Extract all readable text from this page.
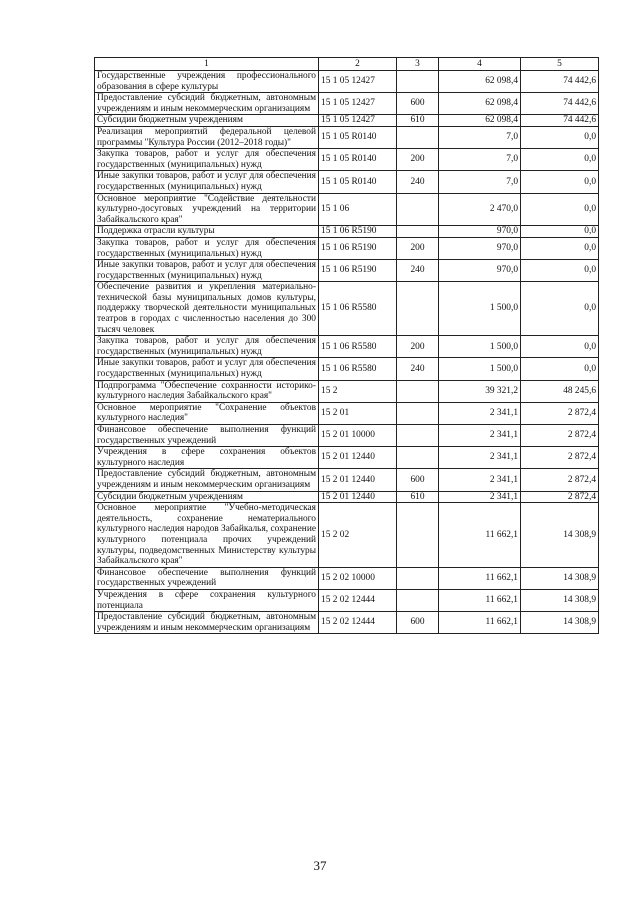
1	2	3	4	5
Государственные учреждения профессионального образования в сфере культуры	15 1 05 12427		62 098,4	74 442,6
Предоставление субсидий бюджетным, автономным учреждениям и иным некоммерческим организациям	15 1 05 12427	600	62 098,4	74 442,6
Субсидии бюджетным учреждениям	15 1 05 12427	610	62 098,4	74 442,6
Реализация мероприятий федеральной целевой программы "Культура России (2012–2018 годы)"	15 1 05 R0140		7,0	0,0
Закупка товаров, работ и услуг для обеспечения государственных (муниципальных) нужд	15 1 05 R0140	200	7,0	0,0
Иные закупки товаров, работ и услуг для обеспечения государственных (муниципальных) нужд	15 1 05 R0140	240	7,0	0,0
Основное мероприятие "Содействие деятельности культурно-досуговых учреждений на территории Забайкальского края"	15 1 06		2 470,0	0,0
Поддержка отрасли культуры	15 1 06 R5190		970,0	0,0
Закупка товаров, работ и услуг для обеспечения государственных (муниципальных) нужд	15 1 06 R5190	200	970,0	0,0
Иные закупки товаров, работ и услуг для обеспечения государственных (муниципальных) нужд	15 1 06 R5190	240	970,0	0,0
Обеспечение развития и укрепления материально-технической базы муниципальных домов культуры, поддержку творческой деятельности муниципальных театров в городах с численностью населения до 300 тысяч человек	15 1 06 R5580		1 500,0	0,0
Закупка товаров, работ и услуг для обеспечения государственных (муниципальных) нужд	15 1 06 R5580	200	1 500,0	0,0
Иные закупки товаров, работ и услуг для обеспечения государственных (муниципальных) нужд	15 1 06 R5580	240	1 500,0	0,0
Подпрограмма "Обеспечение сохранности историко-культурного наследия Забайкальского края"	15 2		39 321,2	48 245,6
Основное мероприятие "Сохранение объектов культурного наследия"	15 2 01		2 341,1	2 872,4
Финансовое обеспечение выполнения функций государственных учреждений	15 2 01 10000		2 341,1	2 872,4
Учреждения в сфере сохранения объектов культурного наследия	15 2 01 12440		2 341,1	2 872,4
Предоставление субсидий бюджетным, автономным учреждениям и иным некоммерческим организациям	15 2 01 12440	600	2 341,1	2 872,4
Субсидии бюджетным учреждениям	15 2 01 12440	610	2 341,1	2 872,4
Основное мероприятие "Учебно-методическая деятельность, сохранение нематериального культурного наследия народов Забайкалья, сохранение культурного потенциала прочих учреждений культуры, подведомственных Министерству культуры Забайкальского края"	15 2 02		11 662,1	14 308,9
Финансовое обеспечение выполнения функций государственных учреждений	15 2 02 10000		11 662,1	14 308,9
Учреждения в сфере сохранения культурного потенциала	15 2 02 12444		11 662,1	14 308,9
Предоставление субсидий бюджетным, автономным учреждениям и иным некоммерческим организациям	15 2 02 12444	600	11 662,1	14 308,9
37
